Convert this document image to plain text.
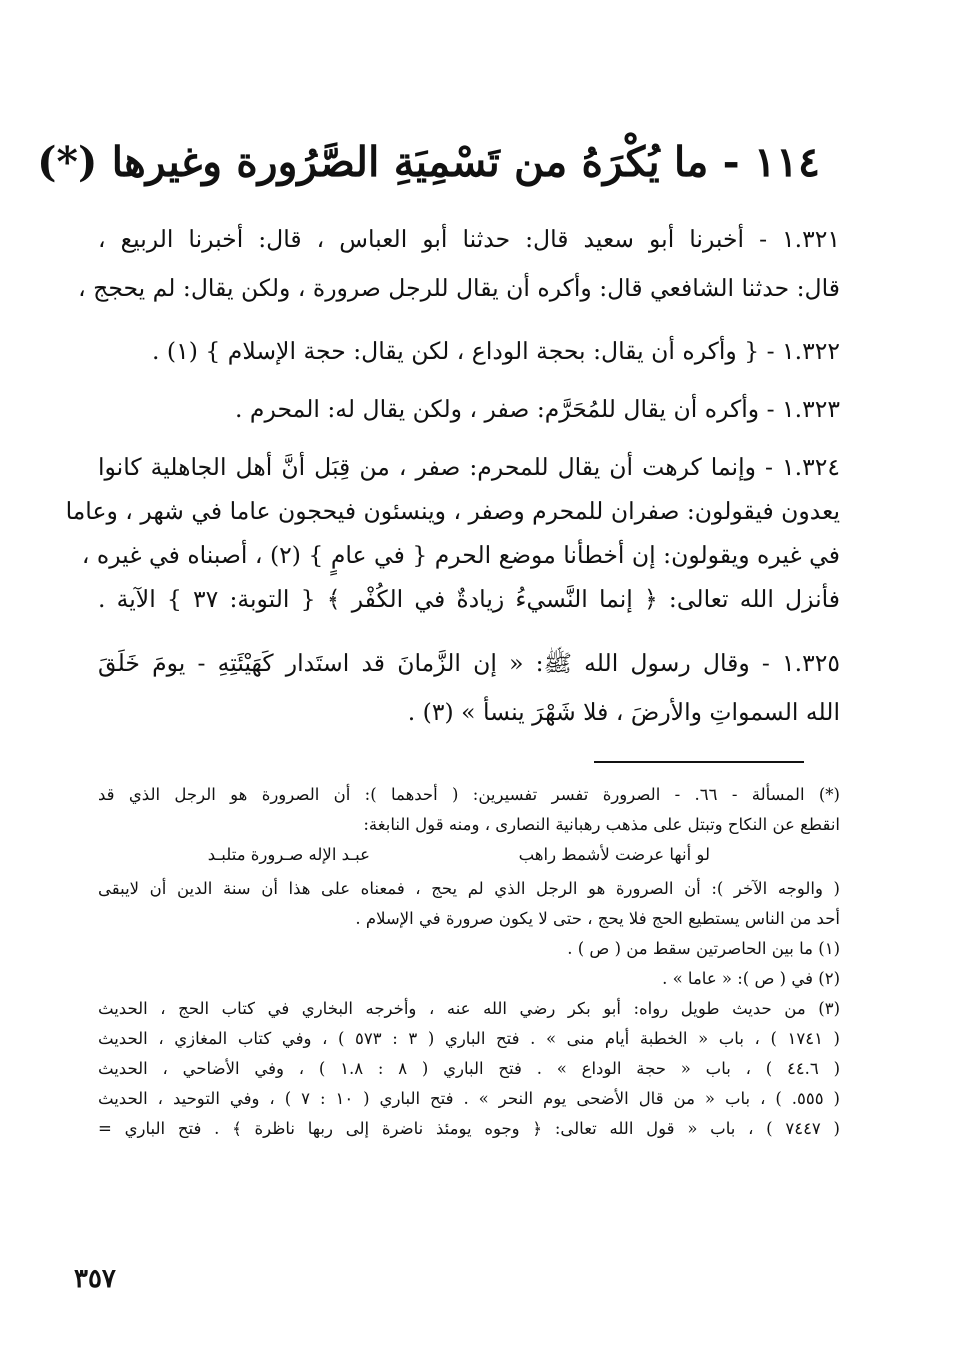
١١٤ - ما يُكْرَهُ من تَسْمِيَةِ الصَّرُورة وغيرها (*)

١.٣٢١ - أخبرنا أبو سعيد قال: حدثنا أبو العباس ، قال: أخبرنا الربيع ،

قال: حدثنا الشافعي قال: وأكره أن يقال للرجل صرورة ، ولكن يقال: لم يحجج ،

١.٣٢٢ - { وأكره أن يقال: بحجة الوداع ، لكن يقال: حجة الإسلام } (١) .

١.٣٢٣ - وأكره أن يقال للمُحَرَّم: صفر ، ولكن يقال له: المحرم .

١.٣٢٤ - وإنما كرهت أن يقال للمحرم: صفر ، من قِبَل أنَّ أهل الجاهلية كانوا

يعدون فيقولون: صفران للمحرم وصفر ، وينسئون فيحجون عاما في شهر ، وعاما

في غيره ويقولون: إن أخطأنا موضع الحرم { في عامٍ } (٢) ، أصبناه في غيره ،

فأنزل الله تعالى: ﴿ إنما النَّسيءُ زيادةٌ في الكُفْر ﴾ { التوبة: ٣٧ } الآية .

١.٣٢٥ - وقال رسول الله ﷺ: « إن الزَّمانَ قد استَدار كَهَيْئَتِهِ - يومَ خَلَقَ

الله السمواتِ والأرضَ ، فلا شَهْرَ ينسأ » (٣) .

(*) المسألة - ٦٦. - الصرورة تفسر تفسيرين: ( أحدهما ): أن الصرورة هو الرجل الذي قد

انقطع عن النكاح وتبتل على مذهب رهبانية النصارى ، ومنه قول النابغة:

لو أنها عرضت لأشمط راهب
عبـد الإله صـرورة متلبـد

( والوجه الآخر ): أن الصرورة هو الرجل الذي لم يحج ، فمعناه على هذا أن سنة الدين أن لايبقى

أحد من الناس يستطيع الحج فلا يحج ، حتى لا يكون صرورة في الإسلام .

(١) ما بين الحاصرتين سقط من ( ص ) .

(٢) في ( ص ): « عاما » .

(٣) من حديث طويل رواه: أبو بكر رضي الله عنه ، وأخرجه البخاري في كتاب الحج ، الحديث

( ١٧٤١ ) ، باب « الخطبة أيام منى » . فتح الباري ( ٣ : ٥٧٣ ) ، وفي كتاب المغازي ، الحديث

( ٤٤.٦ ) ، باب « حجة الوداع » . فتح الباري ( ٨ : ١.٨ ) ، وفي الأضاحي ، الحديث

( ٥٥٥. ) ، باب « من قال الأضحى يوم النحر » . فتح الباري ( ١٠ : ٧ ) ، وفي التوحيد ، الحديث

( ٧٤٤٧ ) ، باب « قول الله تعالى: ﴿ وجوه يومئذ ناضرة إلى ربها ناظرة ﴾ . فتح الباري =

٣٥٧
